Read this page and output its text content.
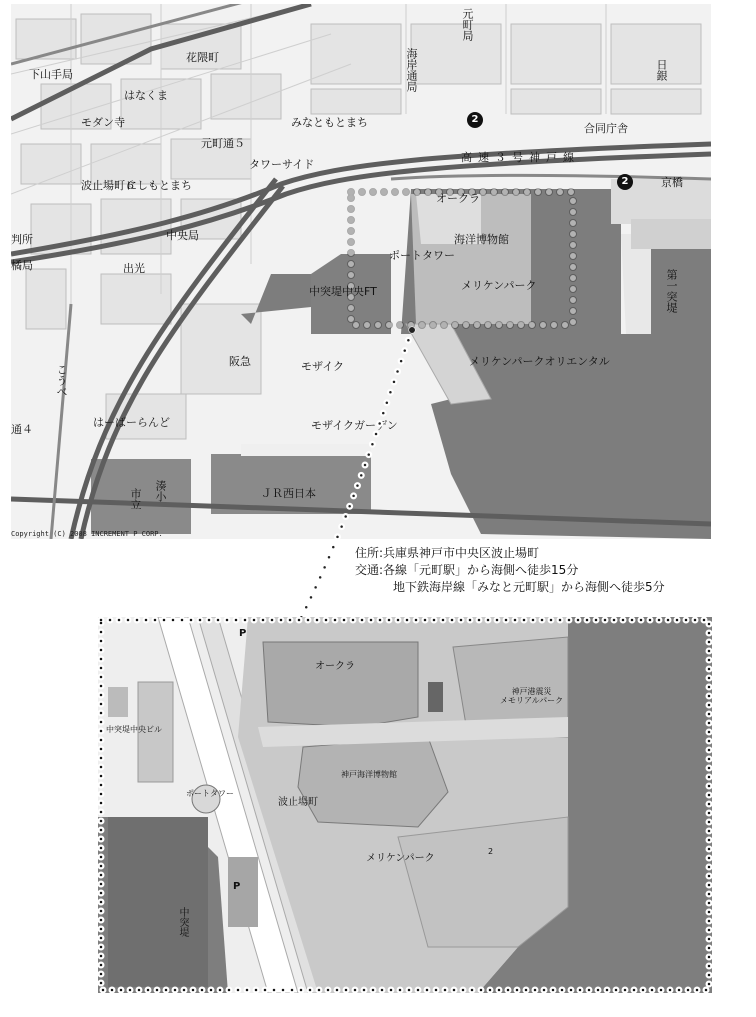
下山手局
花隈町
はなくま
モダン寺
元町通５
みなともとまち
タワーサイド
高速３号神戸線
京橋
にしもとまち
中央局
出光
波止場町６
海岸通局
元町局
日銀
合同庁舎
オークラ
海洋博物館
ポートタワー
メリケンパーク
中突堤中央FT
メリケンパークオリエンタル
モザイク
モザイクガーデン
阪急
はーばーらんど
こうべ
ＪＲ西日本
第一突堤
判所
橘局
通４
湊小
市立
2
2
Copyright (C) 2008 INCREMENT P CORP.
住所: 兵庫県神戸市中央区波止場町
交通: 各線「元町駅」から海側へ徒歩15分
地下鉄海岸線「みなと元町駅」から海側へ徒歩5分
オークラ
神戸港震災
メモリアルパーク
中突堤中央ビル
ポートタワー
神戸海洋博物館
波止場町
メリケンパーク
中突堤
P
P
2
